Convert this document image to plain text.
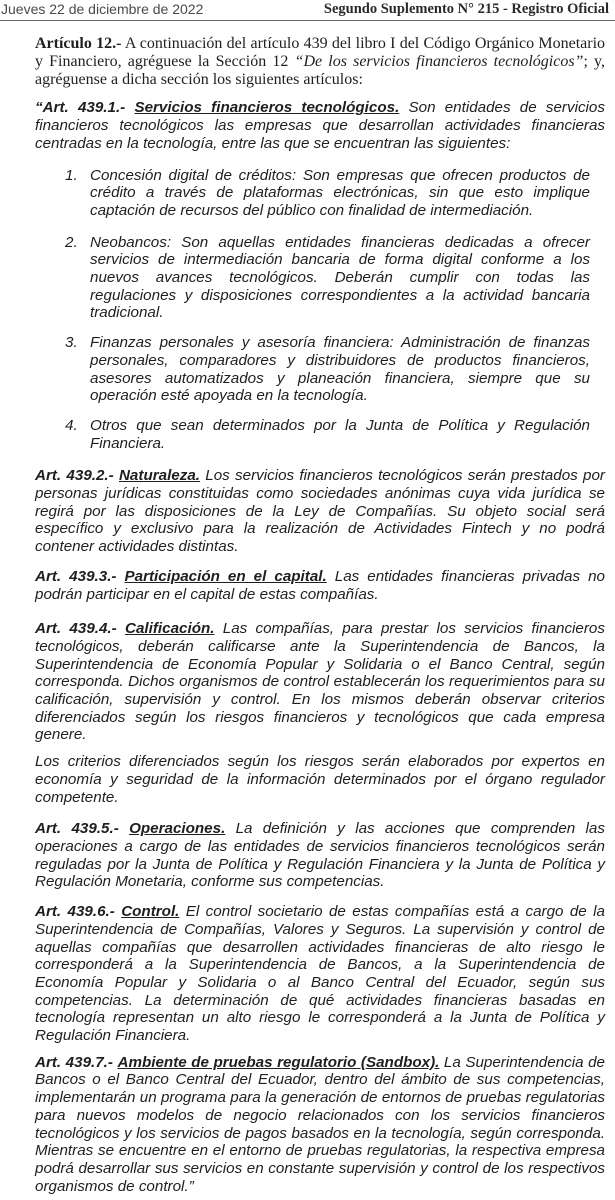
Jueves 22 de diciembre de 2022	Segundo Suplemento N° 215 - Registro Oficial

Artículo 12.- A continuación del artículo 439 del libro I del Código Orgánico Monetario y Financiero, agréguese la Sección 12 “De los servicios financieros tecnológicos”; y, agréguense a dicha sección los siguientes artículos:

“Art. 439.1.- Servicios financieros tecnológicos. Son entidades de servicios financieros tecnológicos las empresas que desarrollan actividades financieras centradas en la tecnología, entre las que se encuentran las siguientes:

1. Concesión digital de créditos: Son empresas que ofrecen productos de crédito a través de plataformas electrónicas, sin que esto implique captación de recursos del público con finalidad de intermediación.
2. Neobancos: Son aquellas entidades financieras dedicadas a ofrecer servicios de intermediación bancaria de forma digital conforme a los nuevos avances tecnológicos. Deberán cumplir con todas las regulaciones y disposiciones correspondientes a la actividad bancaria tradicional.
3. Finanzas personales y asesoría financiera: Administración de finanzas personales, comparadores y distribuidores de productos financieros, asesores automatizados y planeación financiera, siempre que su operación esté apoyada en la tecnología.
4. Otros que sean determinados por la Junta de Política y Regulación Financiera.

Art. 439.2.- Naturaleza. Los servicios financieros tecnológicos serán prestados por personas jurídicas constituidas como sociedades anónimas cuya vida jurídica se regirá por las disposiciones de la Ley de Compañías. Su objeto social será específico y exclusivo para la realización de Actividades Fintech y no podrá contener actividades distintas.

Art. 439.3.- Participación en el capital. Las entidades financieras privadas no podrán participar en el capital de estas compañías.

Art. 439.4.- Calificación. Las compañías, para prestar los servicios financieros tecnológicos, deberán calificarse ante la Superintendencia de Bancos, la Superintendencia de Economía Popular y Solidaria o el Banco Central, según corresponda. Dichos organismos de control establecerán los requerimientos para su calificación, supervisión y control. En los mismos deberán observar criterios diferenciados según los riesgos financieros y tecnológicos que cada empresa genere.

Los criterios diferenciados según los riesgos serán elaborados por expertos en economía y seguridad de la información determinados por el órgano regulador competente.

Art. 439.5.- Operaciones. La definición y las acciones que comprenden las operaciones a cargo de las entidades de servicios financieros tecnológicos serán reguladas por la Junta de Política y Regulación Financiera y la Junta de Política y Regulación Monetaria, conforme sus competencias.

Art. 439.6.- Control. El control societario de estas compañías está a cargo de la Superintendencia de Compañías, Valores y Seguros. La supervisión y control de aquellas compañías que desarrollen actividades financieras de alto riesgo le corresponderá a la Superintendencia de Bancos, a la Superintendencia de Economía Popular y Solidaria o al Banco Central del Ecuador, según sus competencias. La determinación de qué actividades financieras basadas en tecnología representan un alto riesgo le corresponderá a la Junta de Política y Regulación Financiera.

Art. 439.7.- Ambiente de pruebas regulatorio (Sandbox). La Superintendencia de Bancos o el Banco Central del Ecuador, dentro del ámbito de sus competencias, implementarán un programa para la generación de entornos de pruebas regulatorias para nuevos modelos de negocio relacionados con los servicios financieros tecnológicos y los servicios de pagos basados en la tecnología, según corresponda. Mientras se encuentre en el entorno de pruebas regulatorias, la respectiva empresa podrá desarrollar sus servicios en constante supervisión y control de los respectivos organismos de control.”
